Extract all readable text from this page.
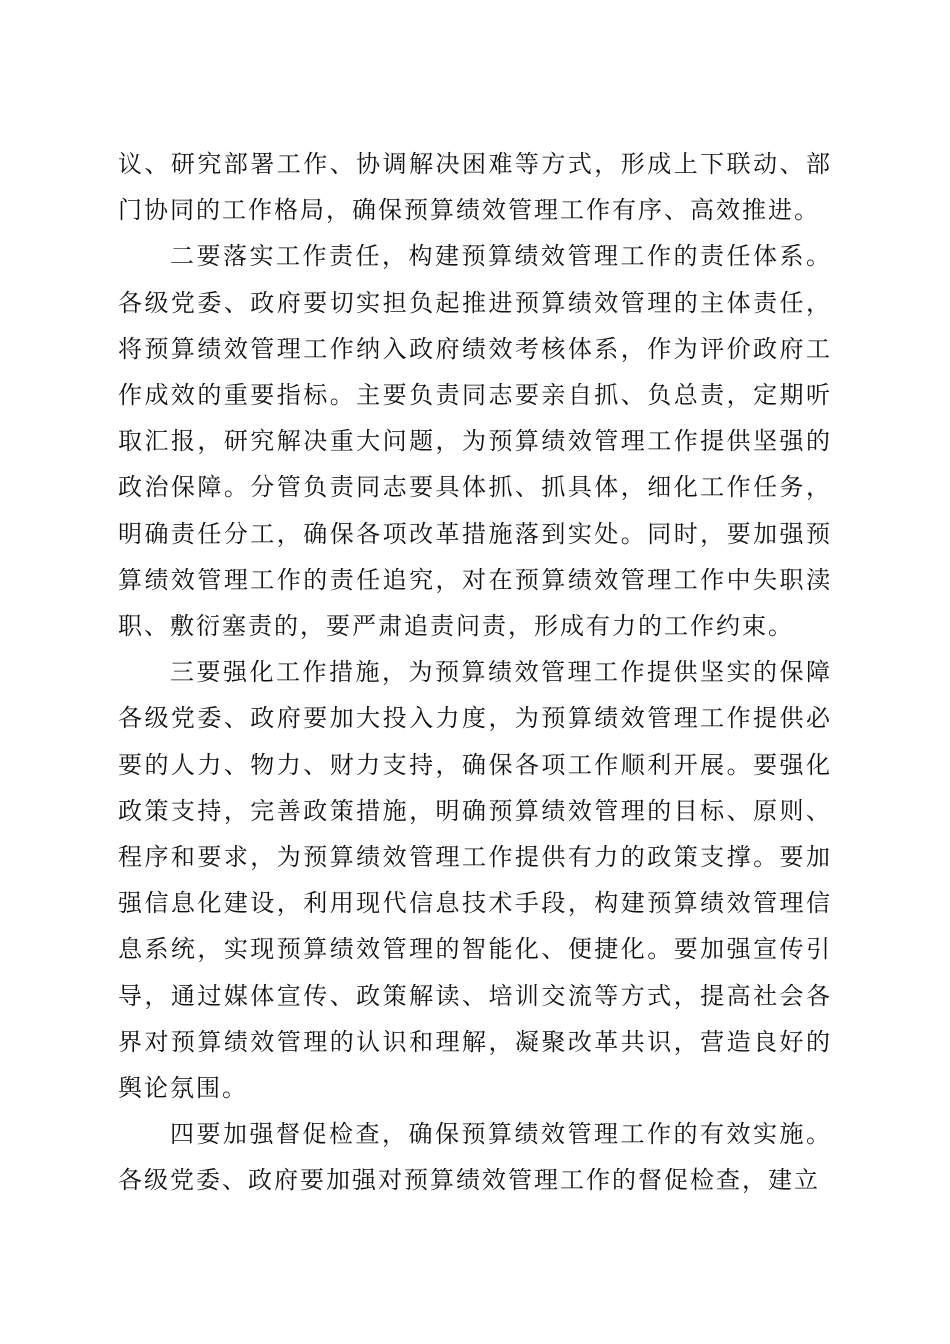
议、研究部署工作、协调解决困难等方式，形成上下联动、部门协同的工作格局，确保预算绩效管理工作有序、高效推进。

二要落实工作责任，构建预算绩效管理工作的责任体系。各级党委、政府要切实担负起推进预算绩效管理的主体责任，将预算绩效管理工作纳入政府绩效考核体系，作为评价政府工作成效的重要指标。主要负责同志要亲自抓、负总责，定期听取汇报，研究解决重大问题，为预算绩效管理工作提供坚强的政治保障。分管负责同志要具体抓、抓具体，细化工作任务，明确责任分工，确保各项改革措施落到实处。同时，要加强预算绩效管理工作的责任追究，对在预算绩效管理工作中失职渎职、敷衍塞责的，要严肃追责问责，形成有力的工作约束。

三要强化工作措施，为预算绩效管理工作提供坚实的保障各级党委、政府要加大投入力度，为预算绩效管理工作提供必要的人力、物力、财力支持，确保各项工作顺利开展。要强化政策支持，完善政策措施，明确预算绩效管理的目标、原则、程序和要求，为预算绩效管理工作提供有力的政策支撑。要加强信息化建设，利用现代信息技术手段，构建预算绩效管理信息系统，实现预算绩效管理的智能化、便捷化。要加强宣传引导，通过媒体宣传、政策解读、培训交流等方式，提高社会各界对预算绩效管理的认识和理解，凝聚改革共识，营造良好的舆论氛围。

四要加强督促检查，确保预算绩效管理工作的有效实施。各级党委、政府要加强对预算绩效管理工作的督促检查，建立
